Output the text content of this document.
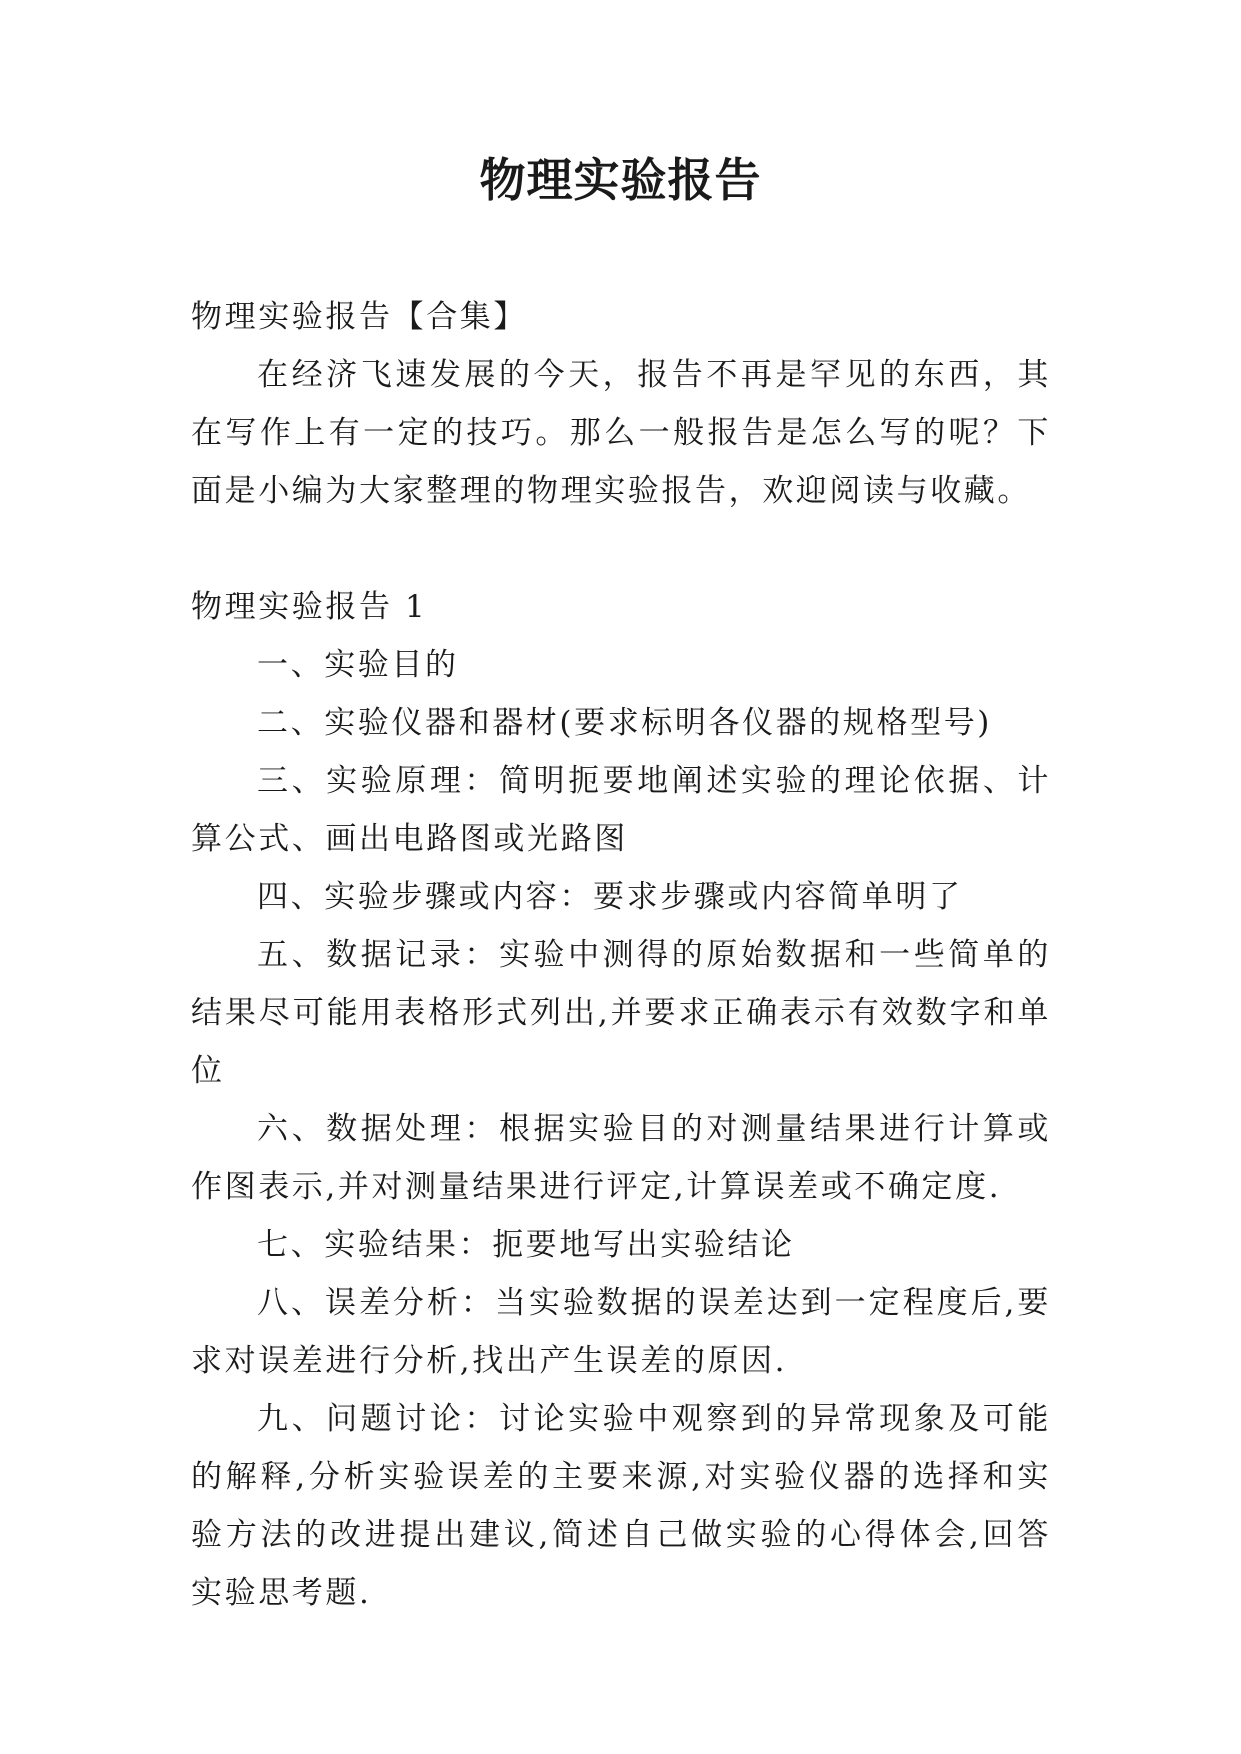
物理实验报告

物理实验报告【合集】

在经济飞速发展的今天，报告不再是罕见的东西，其在写作上有一定的技巧。那么一般报告是怎么写的呢？下面是小编为大家整理的物理实验报告，欢迎阅读与收藏。

物理实验报告 1

一、实验目的

二、实验仪器和器材(要求标明各仪器的规格型号)

三、实验原理：简明扼要地阐述实验的理论依据、计算公式、画出电路图或光路图

四、实验步骤或内容：要求步骤或内容简单明了

五、数据记录：实验中测得的原始数据和一些简单的结果尽可能用表格形式列出,并要求正确表示有效数字和单位

六、数据处理：根据实验目的对测量结果进行计算或作图表示,并对测量结果进行评定,计算误差或不确定度.

七、实验结果：扼要地写出实验结论

八、误差分析：当实验数据的误差达到一定程度后,要求对误差进行分析,找出产生误差的原因.

九、问题讨论：讨论实验中观察到的异常现象及可能的解释,分析实验误差的主要来源,对实验仪器的选择和实验方法的改进提出建议,简述自己做实验的心得体会,回答实验思考题.
